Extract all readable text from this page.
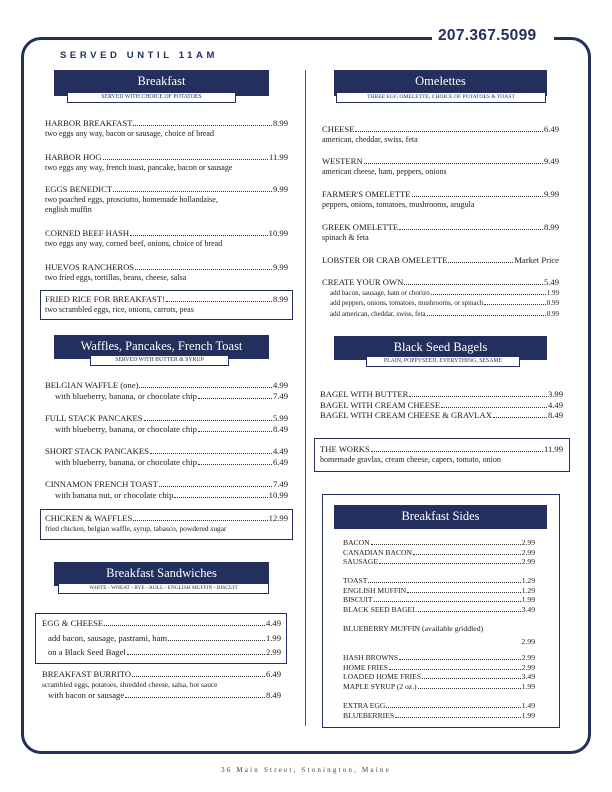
207.367.5099
SERVED UNTIL 11AM
Breakfast
SERVED WITH CHOICE OF POTATOES
HARBOR BREAKFAST	8.99
two eggs any way, bacon or sausage, choice of bread
HARBOR HOG	11.99
two eggs any way, french toast, pancake, bacon or sausage
EGGS BENEDICT	9.99
two poached eggs, prosciutto, homemade hollandaise,
english muffin
CORNED BEEF HASH	10.99
two eggs any way, corned beef, onions, choice of bread
HUEVOS RANCHEROS	9.99
two fried eggs, tortillas, beans, cheese, salsa
FRIED RICE FOR BREAKFAST!	8.99
two scrambled eggs, rice, onions, carrots, peas
Waffles, Pancakes, French Toast
SERVED WITH BUTTER & SYRUP
BELGIAN WAFFLE (one)	4.99
with blueberry, banana, or chocolate chip	7.49
FULL STACK PANCAKES	5.99
with blueberry, banana, or chocolate chip	8.49
SHORT STACK PANCAKES	4.49
with blueberry, banana, or chocolate chip	6.49
CINNAMON FRENCH TOAST	7.49
with banana nut, or chocolate chip	10.99
CHICKEN & WAFFLES	12.99
fried chicken, belgian waffle, syrup, tabasco, powdered sugar
Breakfast Sandwiches
WHITE - WHEAT - RYE - ROLL - ENGLISH MUFFIN - BISCUIT
EGG & CHEESE	4.49
add bacon, sausage, pastrami, ham	1.99
on a Black Seed Bagel	2.99
BREAKFAST BURRITO	6.49
scrambled eggs, potatoes, shredded cheese, salsa, hot sauce
with bacon or sausage	8.49
Omelettes
THREE EGG OMELETTE, CHOICE OF POTATOES & TOAST
CHEESE	6.49
american, cheddar, swiss, feta
WESTERN	9.49
american cheese, ham, peppers, onions
FARMER'S OMELETTE	9.99
peppers, onions, tomatoes, mushrooms, arugula
GREEK OMELETTE	8.99
spinach & feta
LOBSTER OR CRAB OMELETTE	Market Price
CREATE YOUR OWN	5.49
add bacon, sausage, ham or chorizo	1.99
add peppers, onions, tomatoes, mushrooms, or spinach	0.99
add american, cheddar, swiss, feta	0.99
Black Seed Bagels
PLAIN, POPPYSEED, EVERYTHING, SESAME
BAGEL WITH BUTTER	3.99
BAGEL WITH CREAM CHEESE	4.49
BAGEL WITH CREAM CHEESE & GRAVLAX	8.49
THE WORKS	11.99
homemade gravlax, cream cheese, capers, tomato, onion
Breakfast Sides
BACON	2.99
CANADIAN BACON	2.99
SAUSAGE	2.99
TOAST	1.29
ENGLISH MUFFIN	1.29
BISCUIT	1.99
BLACK SEED BAGEL	3.49
BLUEBERRY MUFFIN (available griddled)
2.99
HASH BROWNS	2.99
HOME FRIES	2.99
LOADED HOME FRIES	3.49
MAPLE SYRUP (2 oz.)	1.99
EXTRA EGG	1.49
BLUEBERRIES	1.99
36 Main Street, Stonington, Maine
